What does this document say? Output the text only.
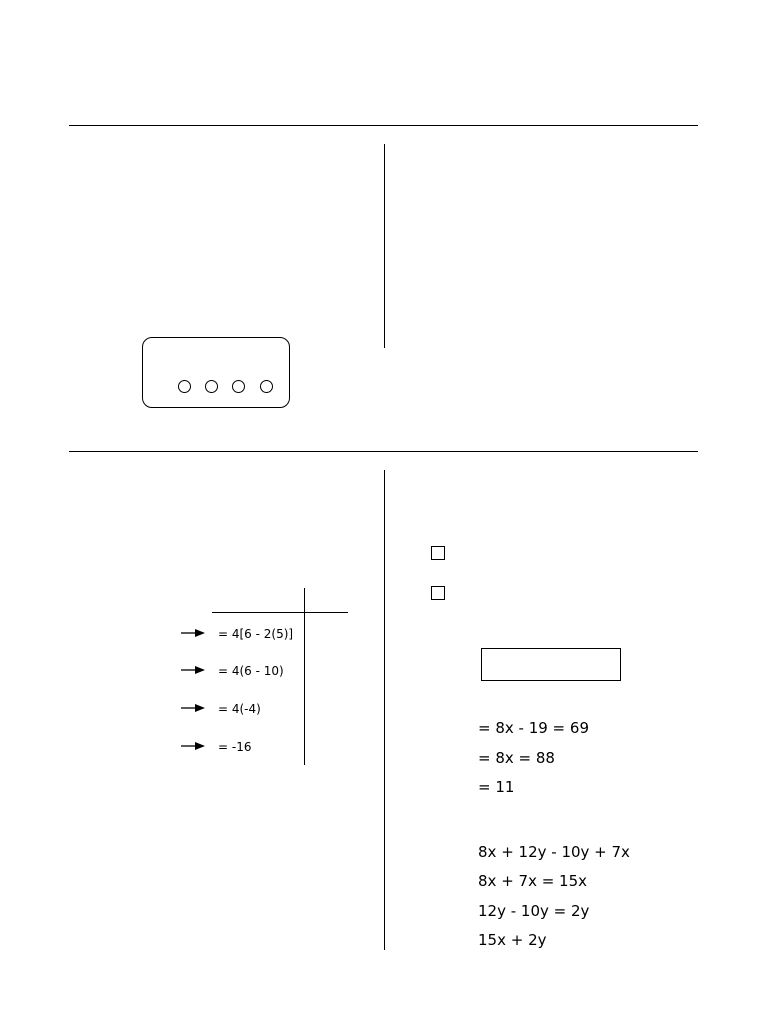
= 4[6 - 2(5)]
= 4(6 - 10)
= 4(-4)
= -16
= 8x - 19 = 69
= 8x = 88
= 11
8x + 12y - 10y + 7x
8x + 7x = 15x
12y - 10y = 2y
15x + 2y
